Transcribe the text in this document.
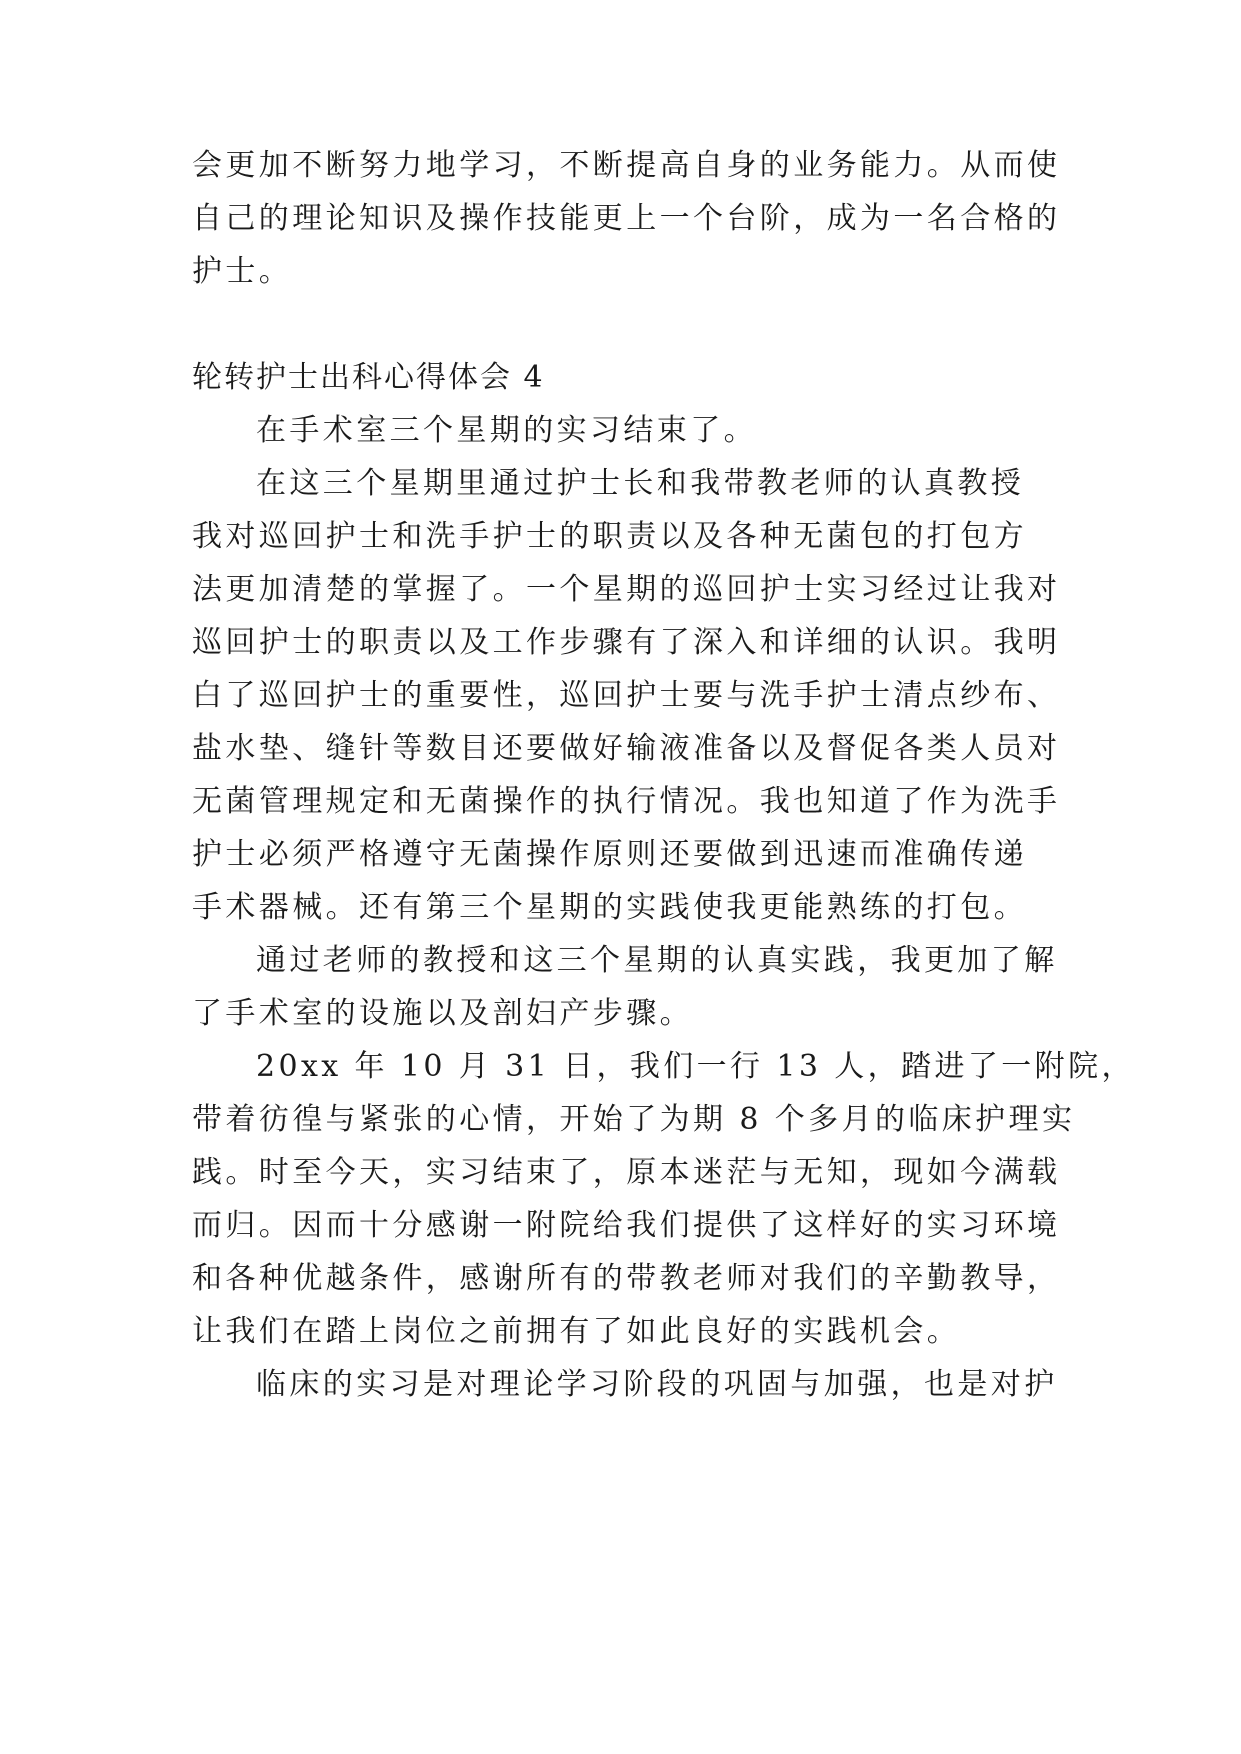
会更加不断努力地学习，不断提高自身的业务能力。从而使
自己的理论知识及操作技能更上一个台阶，成为一名合格的
护士。
轮转护士出科心得体会 4
在手术室三个星期的实习结束了。
在这三个星期里通过护士长和我带教老师的认真教授
我对巡回护士和洗手护士的职责以及各种无菌包的打包方
法更加清楚的掌握了。一个星期的巡回护士实习经过让我对
巡回护士的职责以及工作步骤有了深入和详细的认识。我明
白了巡回护士的重要性，巡回护士要与洗手护士清点纱布、
盐水垫、缝针等数目还要做好输液准备以及督促各类人员对
无菌管理规定和无菌操作的执行情况。我也知道了作为洗手
护士必须严格遵守无菌操作原则还要做到迅速而准确传递
手术器械。还有第三个星期的实践使我更能熟练的打包。
通过老师的教授和这三个星期的认真实践，我更加了解
了手术室的设施以及剖妇产步骤。
20xx 年 10 月 31 日，我们一行 13 人，踏进了一附院，
带着彷徨与紧张的心情，开始了为期 8 个多月的临床护理实
践。时至今天，实习结束了，原本迷茫与无知，现如今满载
而归。因而十分感谢一附院给我们提供了这样好的实习环境
和各种优越条件，感谢所有的带教老师对我们的辛勤教导，
让我们在踏上岗位之前拥有了如此良好的实践机会。
临床的实习是对理论学习阶段的巩固与加强，也是对护
